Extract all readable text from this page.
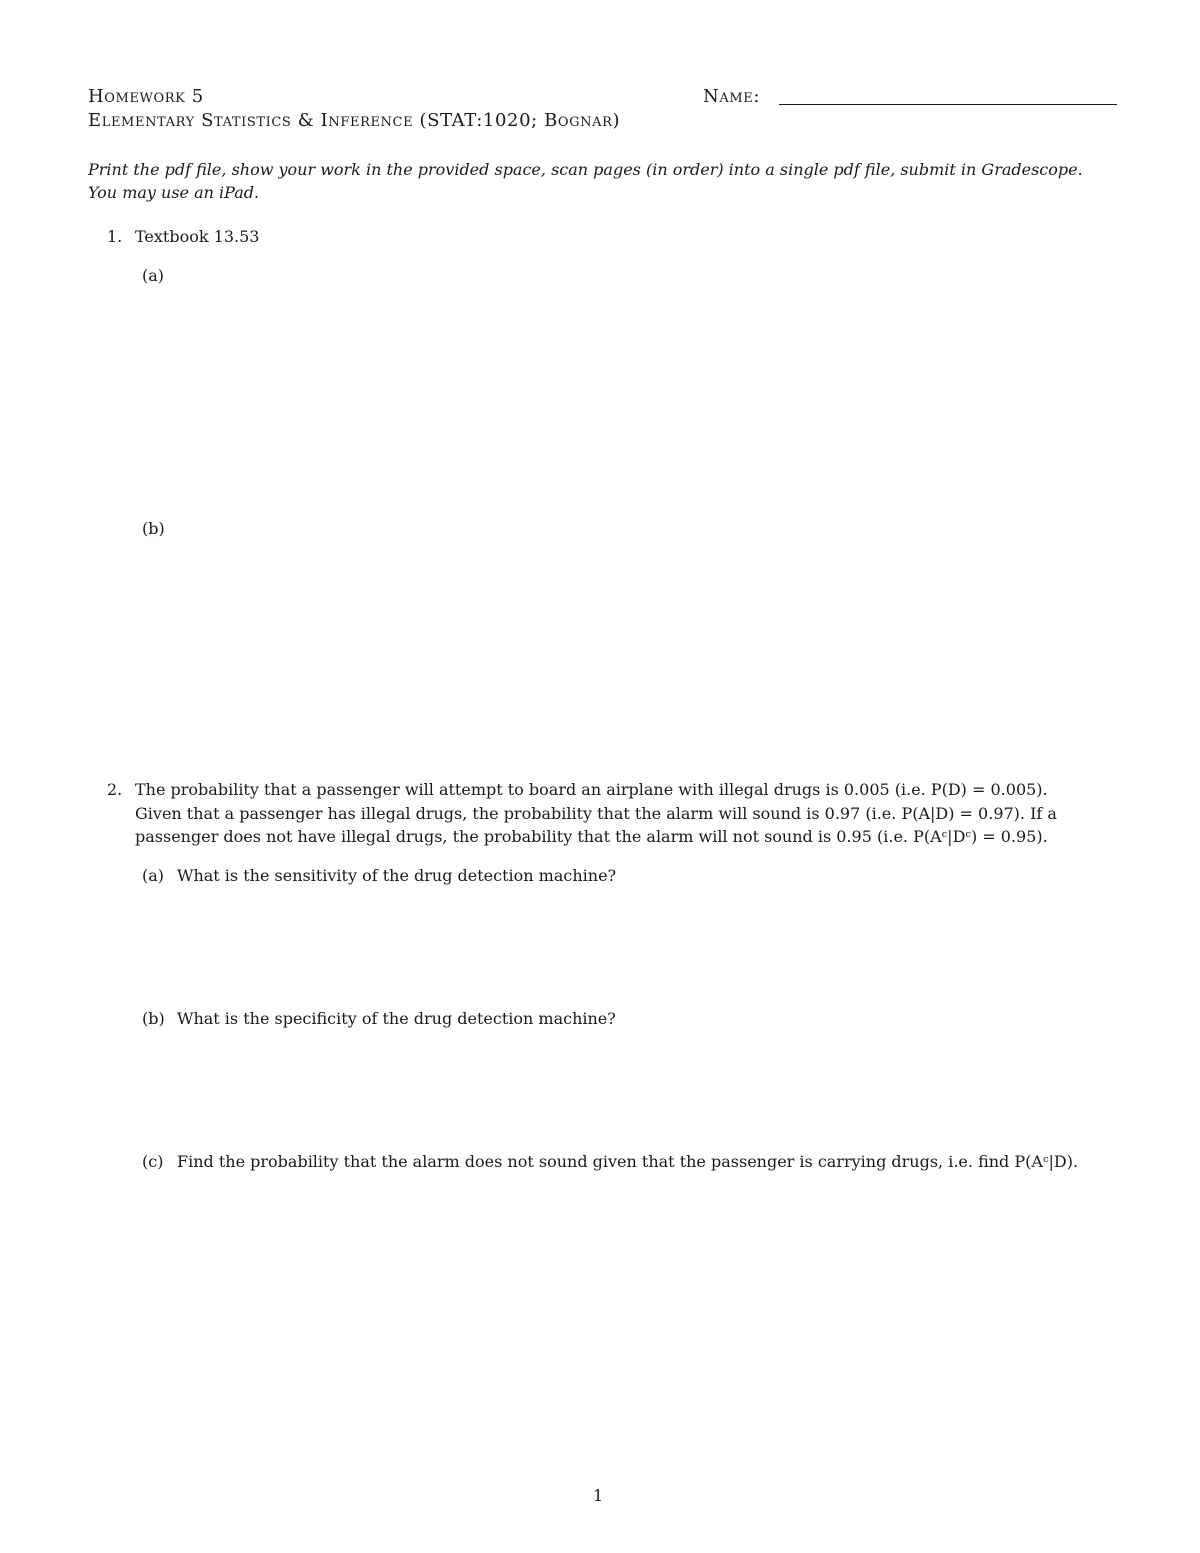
Homework 5
Elementary Statistics & Inference (STAT:1020; Bognar)
Name:
Print the pdf file, show your work in the provided space, scan pages (in order) into a single pdf file, submit in Gradescope.
You may use an iPad.
1. Textbook 13.53
(a)
(b)
2. The probability that a passenger will attempt to board an airplane with illegal drugs is 0.005 (i.e. P(D) = 0.005).
Given that a passenger has illegal drugs, the probability that the alarm will sound is 0.97 (i.e. P(A|D) = 0.97). If a
passenger does not have illegal drugs, the probability that the alarm will not sound is 0.95 (i.e. P(Aᶜ|Dᶜ) = 0.95).
(a) What is the sensitivity of the drug detection machine?
(b) What is the specificity of the drug detection machine?
(c) Find the probability that the alarm does not sound given that the passenger is carrying drugs, i.e. find P(Aᶜ|D).
1
